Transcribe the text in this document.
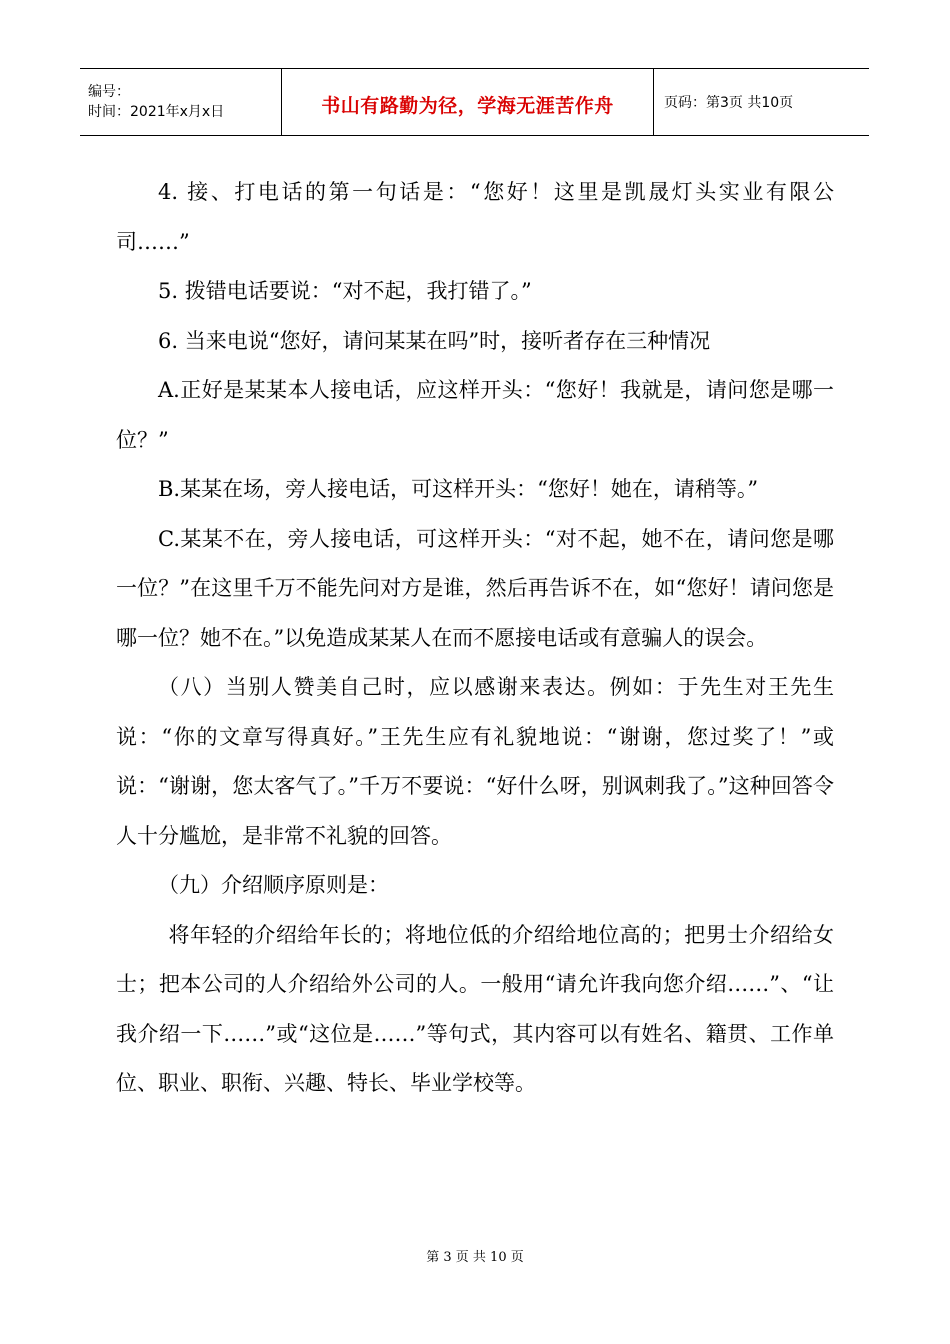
编号：
时间：2021年x月x日	书山有路勤为径，学海无涯苦作舟	页码：第3页 共10页

4. 接、打电话的第一句话是：“您好！这里是凯晟灯头实业有限公司……”

5. 拨错电话要说：“对不起，我打错了。”

6. 当来电说“您好，请问某某在吗”时，接听者存在三种情况

A.正好是某某本人接电话，应这样开头：“您好！我就是，请问您是哪一位？”

B.某某在场，旁人接电话，可这样开头：“您好！她在，请稍等。”

C.某某不在，旁人接电话，可这样开头：“对不起，她不在，请问您是哪一位？”在这里千万不能先问对方是谁，然后再告诉不在，如“您好！请问您是哪一位？她不在。”以免造成某某人在而不愿接电话或有意骗人的误会。

（八）当别人赞美自己时，应以感谢来表达。例如：于先生对王先生说：“你的文章写得真好。”王先生应有礼貌地说：“谢谢，您过奖了！”或说：“谢谢，您太客气了。”千万不要说：“好什么呀，别讽刺我了。”这种回答令人十分尴尬，是非常不礼貌的回答。

（九）介绍顺序原则是：

将年轻的介绍给年长的；将地位低的介绍给地位高的；把男士介绍给女士；把本公司的人介绍给外公司的人。一般用“请允许我向您介绍……”、“让我介绍一下……”或“这位是……”等句式，其内容可以有姓名、籍贯、工作单位、职业、职衔、兴趣、特长、毕业学校等。

第 3 页 共 10 页
